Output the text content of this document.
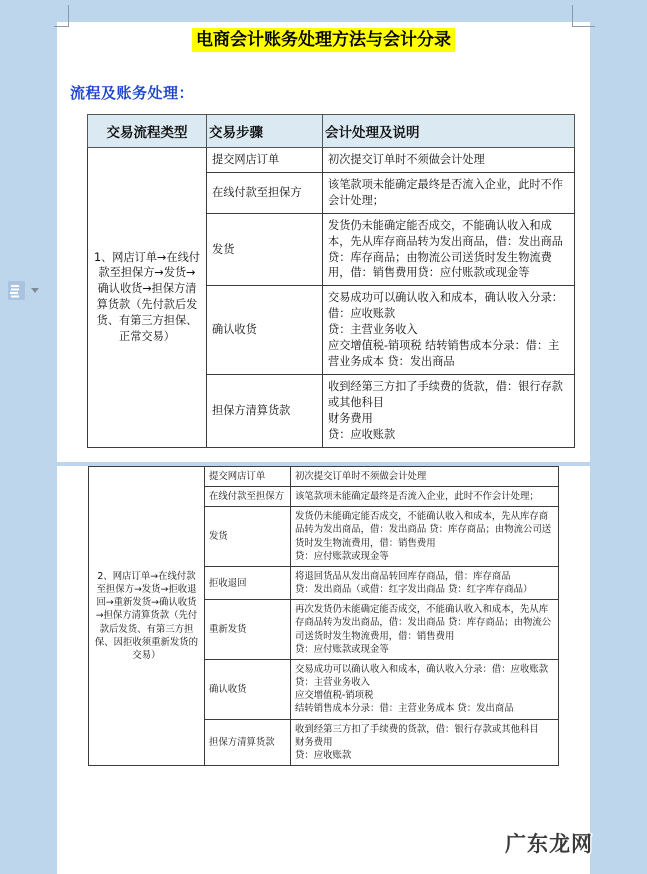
电商会计账务处理方法与会计分录
流程及账务处理：
交易流程类型	交易步骤	会计处理及说明
1、网店订单→在线付款至担保方→发货→确认收货→担保方清算货款（先付款后发货、有第三方担保、正常交易）	提交网店订单	初次提交订单时不须做会计处理

	在线付款至担保方	该笔款项未能确定最终是否流入企业，此时不作会计处理；

	发货	发货仍未能确定能否成交，不能确认收入和成本，先从库存商品转为发出商品，借：发出商品 贷：库存商品；由物流公司送货时发生物流费用，借：销售费用贷：应付账款或现金等

	确认收货	交易成功可以确认收入和成本，确认收入分录：借：应收账款
贷：主营业务收入
应交增值税-销项税 结转销售成本分录：借：主营业务成本 贷：发出商品

	担保方清算货款	收到经第三方扣了手续费的货款，借：银行存款或其他科目
财务费用
贷：应收账款
2、网店订单→在线付款至担保方→发货→拒收退回→重新发货→确认收货→担保方清算货款（先付款后发货、有第三方担保、因拒收须重新发货的交易）	提交网店订单	初次提交订单时不须做会计处理

	在线付款至担保方	该笔款项未能确定最终是否流入企业，此时不作会计处理；

	发货	发货仍未能确定能否成交，不能确认收入和成本，先从库存商品转为发出商品，借：发出商品 贷：库存商品；由物流公司送货时发生物流费用，借：销售费用
贷：应付账款或现金等

	拒收退回	将退回货品从发出商品转回库存商品，借：库存商品
贷：发出商品（或借：红字发出商品 贷：红字库存商品）

	重新发货	再次发货仍未能确定能否成交，不能确认收入和成本，先从库存商品转为发出商品，借：发出商品 贷：库存商品；由物流公司送货时发生物流费用，借：销售费用
贷：应付账款或现金等

	确认收货	交易成功可以确认收入和成本，确认收入分录：借：应收账款
贷：主营业务收入
应交增值税-销项税
结转销售成本分录：借：主营业务成本 贷：发出商品

	担保方清算货款	收到经第三方扣了手续费的货款，借：银行存款或其他科目
财务费用
贷：应收账款
广东龙网
